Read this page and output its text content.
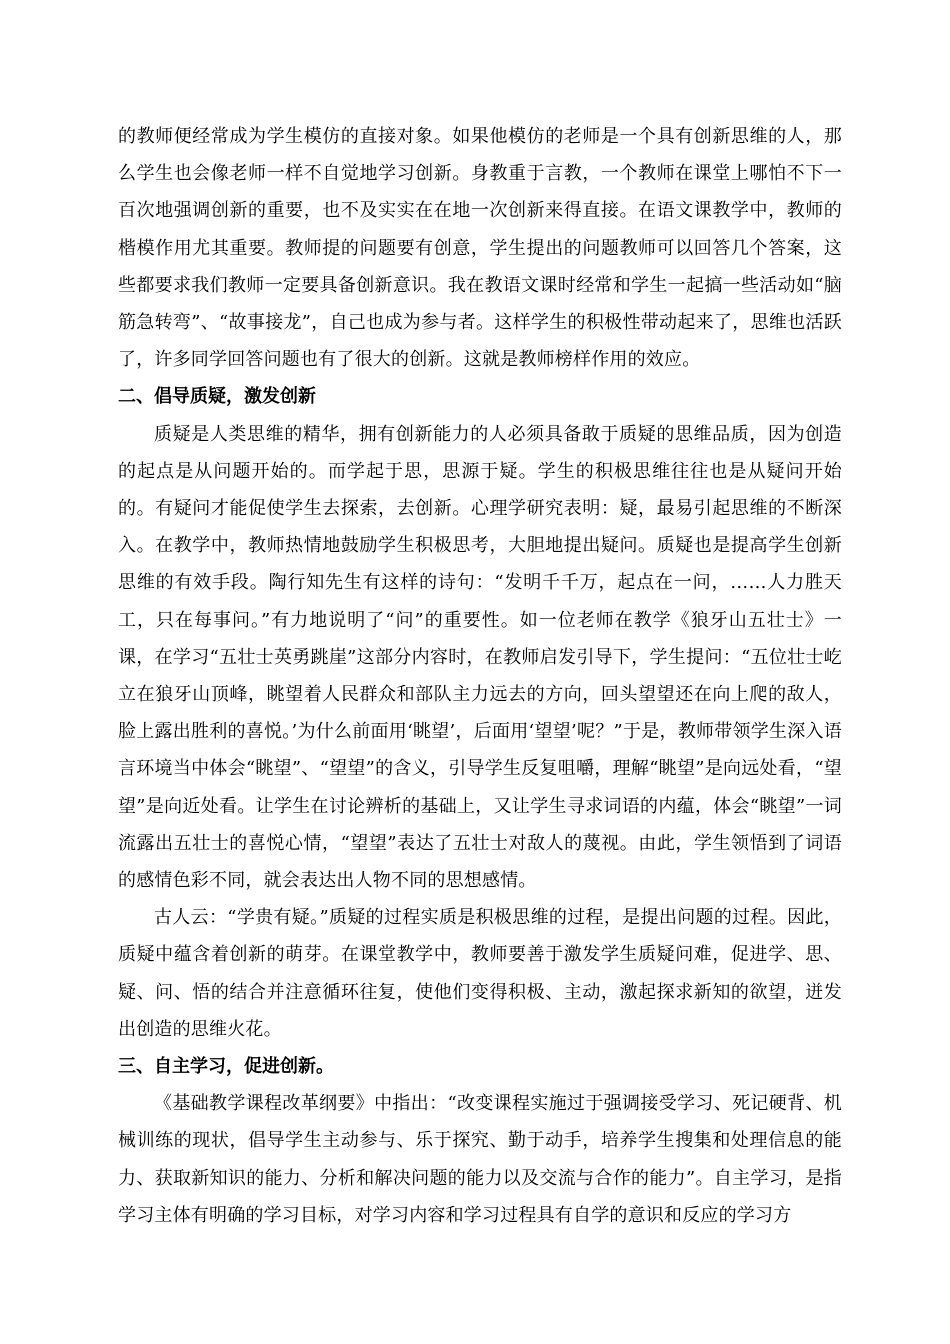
的教师便经常成为学生模仿的直接对象。如果他模仿的老师是一个具有创新思维的人，那么学生也会像老师一样不自觉地学习创新。身教重于言教，一个教师在课堂上哪怕不下一百次地强调创新的重要，也不及实实在在地一次创新来得直接。在语文课教学中，教师的楷模作用尤其重要。教师提的问题要有创意，学生提出的问题教师可以回答几个答案，这些都要求我们教师一定要具备创新意识。我在教语文课时经常和学生一起搞一些活动如“脑筋急转弯”、“故事接龙”，自己也成为参与者。这样学生的积极性带动起来了，思维也活跃了，许多同学回答问题也有了很大的创新。这就是教师榜样作用的效应。

二、倡导质疑，激发创新

质疑是人类思维的精华，拥有创新能力的人必须具备敢于质疑的思维品质，因为创造的起点是从问题开始的。而学起于思，思源于疑。学生的积极思维往往也是从疑问开始的。有疑问才能促使学生去探索，去创新。心理学研究表明：疑，最易引起思维的不断深入。在教学中，教师热情地鼓励学生积极思考，大胆地提出疑问。质疑也是提高学生创新思维的有效手段。陶行知先生有这样的诗句：“发明千千万，起点在一问，……人力胜天工，只在每事问。”有力地说明了“问”的重要性。如一位老师在教学《狼牙山五壮士》一课，在学习“五壮士英勇跳崖”这部分内容时，在教师启发引导下，学生提问：“五位壮士屹立在狼牙山顶峰，眺望着人民群众和部队主力远去的方向，回头望望还在向上爬的敌人，脸上露出胜利的喜悦。’为什么前面用‘眺望’，后面用‘望望’呢？”于是，教师带领学生深入语言环境当中体会“眺望”、“望望”的含义，引导学生反复咀嚼，理解“眺望”是向远处看，“望望”是向近处看。让学生在讨论辨析的基础上，又让学生寻求词语的内蕴，体会“眺望”一词流露出五壮士的喜悦心情，“望望”表达了五壮士对敌人的蔑视。由此，学生领悟到了词语的感情色彩不同，就会表达出人物不同的思想感情。

古人云：“学贵有疑。”质疑的过程实质是积极思维的过程，是提出问题的过程。因此，质疑中蕴含着创新的萌芽。在课堂教学中，教师要善于激发学生质疑问难，促进学、思、疑、问、悟的结合并注意循环往复，使他们变得积极、主动，激起探求新知的欲望，迸发出创造的思维火花。

三、自主学习，促进创新。

《基础教学课程改革纲要》中指出：“改变课程实施过于强调接受学习、死记硬背、机械训练的现状，倡导学生主动参与、乐于探究、勤于动手，培养学生搜集和处理信息的能力、获取新知识的能力、分析和解决问题的能力以及交流与合作的能力”。自主学习，是指学习主体有明确的学习目标，对学习内容和学习过程具有自学的意识和反应的学习方
